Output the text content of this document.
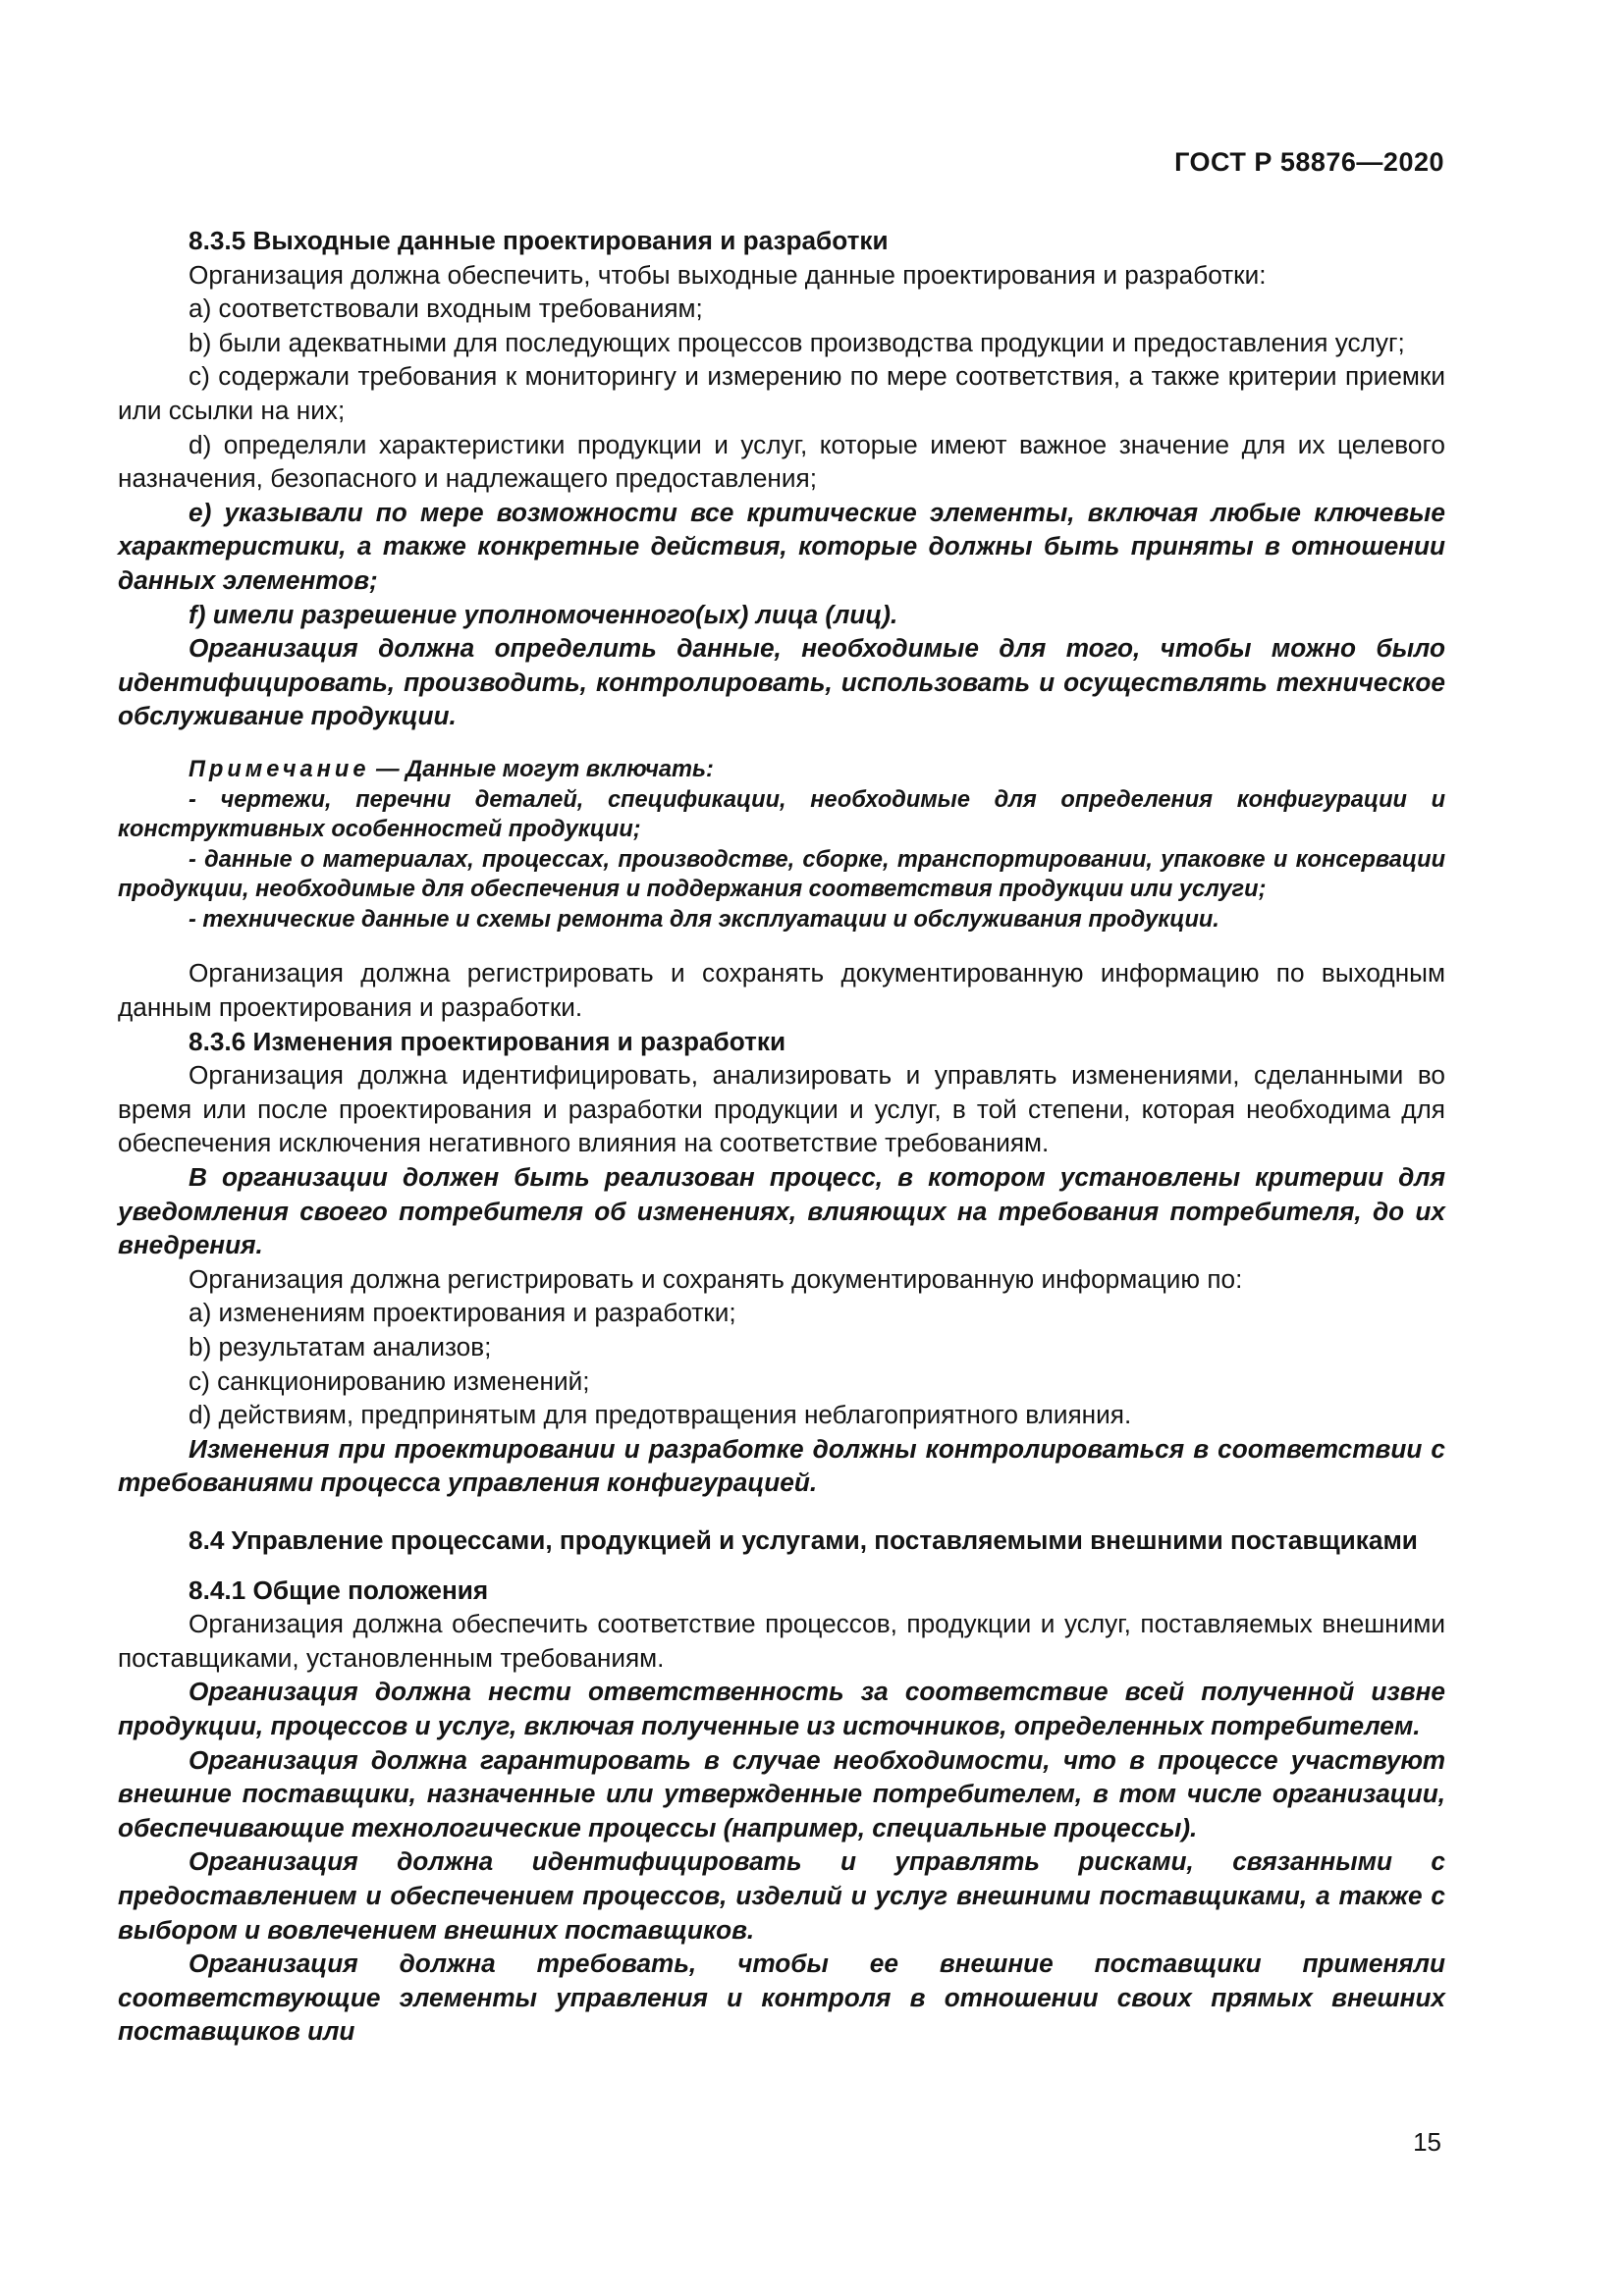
ГОСТ Р 58876—2020

8.3.5 Выходные данные проектирования и разработки

Организация должна обеспечить, чтобы выходные данные проектирования и разработки:

a) соответствовали входным требованиям;

b) были адекватными для последующих процессов производства продукции и предоставления услуг;

c) содержали требования к мониторингу и измерению по мере соответствия, а также критерии приемки или ссылки на них;

d) определяли характеристики продукции и услуг, которые имеют важное значение для их целевого назначения, безопасного и надлежащего предоставления;

е) указывали по мере возможности все критические элементы, включая любые ключевые характеристики, а также конкретные действия, которые должны быть приняты в отношении данных элементов;

f) имели разрешение уполномоченного(ых) лица (лиц).

Организация должна определить данные, необходимые для того, чтобы можно было идентифицировать, производить, контролировать, использовать и осуществлять техническое обслуживание продукции.

Примечание — Данные могут включать:

- чертежи, перечни деталей, спецификации, необходимые для определения конфигурации и конструктивных особенностей продукции;

- данные о материалах, процессах, производстве, сборке, транспортировании, упаковке и консервации продукции, необходимые для обеспечения и поддержания соответствия продукции или услуги;

- технические данные и схемы ремонта для эксплуатации и обслуживания продукции.

Организация должна регистрировать и сохранять документированную информацию по выходным данным проектирования и разработки.

8.3.6 Изменения проектирования и разработки

Организация должна идентифицировать, анализировать и управлять изменениями, сделанными во время или после проектирования и разработки продукции и услуг, в той степени, которая необходима для обеспечения исключения негативного влияния на соответствие требованиям.

В организации должен быть реализован процесс, в котором установлены критерии для уведомления своего потребителя об изменениях, влияющих на требования потребителя, до их внедрения.

Организация должна регистрировать и сохранять документированную информацию по:

a) изменениям проектирования и разработки;

b) результатам анализов;

c) санкционированию изменений;

d) действиям, предпринятым для предотвращения неблагоприятного влияния.

Изменения при проектировании и разработке должны контролироваться в соответствии с требованиями процесса управления конфигурацией.

8.4 Управление процессами, продукцией и услугами, поставляемыми внешними поставщиками

8.4.1 Общие положения

Организация должна обеспечить соответствие процессов, продукции и услуг, поставляемых внешними поставщиками, установленным требованиям.

Организация должна нести ответственность за соответствие всей полученной извне продукции, процессов и услуг, включая полученные из источников, определенных потребителем.

Организация должна гарантировать в случае необходимости, что в процессе участвуют внешние поставщики, назначенные или утвержденные потребителем, в том числе организации, обеспечивающие технологические процессы (например, специальные процессы).

Организация должна идентифицировать и управлять рисками, связанными с предоставлением и обеспечением процессов, изделий и услуг внешними поставщиками, а также с выбором и вовлечением внешних поставщиков.

Организация должна требовать, чтобы ее внешние поставщики применяли соответствующие элементы управления и контроля в отношении своих прямых внешних поставщиков или

15
